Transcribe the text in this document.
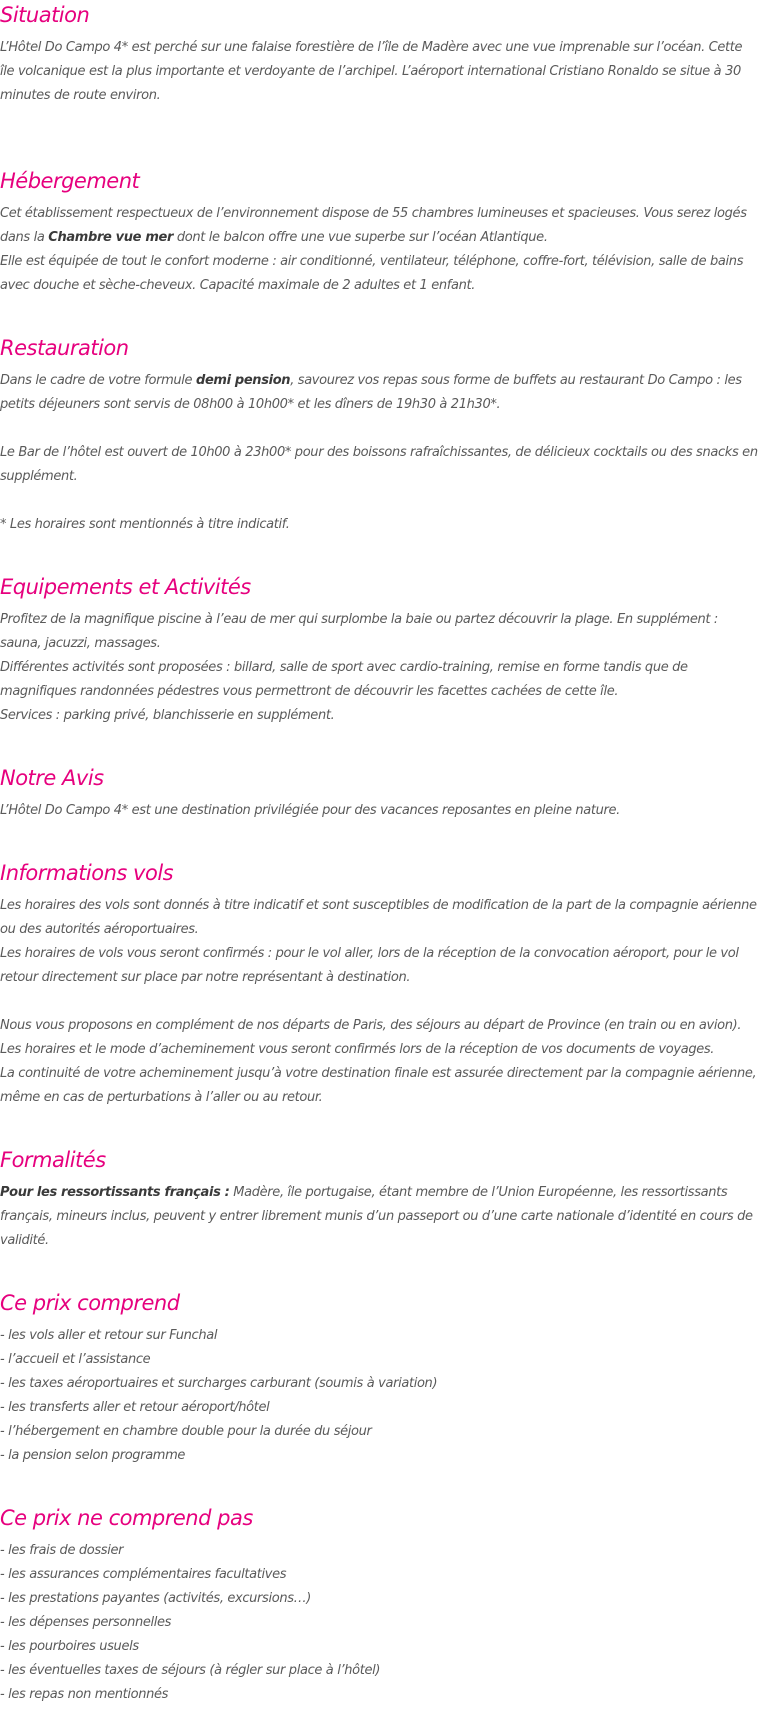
Situation

L’Hôtel Do Campo 4* est perché sur une falaise forestière de l’île de Madère avec une vue imprenable sur l’océan. Cette île volcanique est la plus importante et verdoyante de l’archipel. L’aéroport international Cristiano Ronaldo se situe à 30 minutes de route environ.

Hébergement

Cet établissement respectueux de l’environnement dispose de 55 chambres lumineuses et spacieuses. Vous serez logés dans la Chambre vue mer dont le balcon offre une vue superbe sur l’océan Atlantique.

Elle est équipée de tout le confort moderne : air conditionné, ventilateur, téléphone, coffre-fort, télévision, salle de bains avec douche et sèche-cheveux. Capacité maximale de 2 adultes et 1 enfant.

Restauration

Dans le cadre de votre formule demi pension, savourez vos repas sous forme de buffets au restaurant Do Campo : les petits déjeuners sont servis de 08h00 à 10h00* et les dîners de 19h30 à 21h30*.

Le Bar de l’hôtel est ouvert de 10h00 à 23h00* pour des boissons rafraîchissantes, de délicieux cocktails ou des snacks en supplément.

* Les horaires sont mentionnés à titre indicatif.

Equipements et Activités

Profitez de la magnifique piscine à l’eau de mer qui surplombe la baie ou partez découvrir la plage. En supplément : sauna, jacuzzi, massages.

Différentes activités sont proposées : billard, salle de sport avec cardio-training, remise en forme tandis que de magnifiques randonnées pédestres vous permettront de découvrir les facettes cachées de cette île.

Services : parking privé, blanchisserie en supplément.

Notre Avis

L’Hôtel Do Campo 4* est une destination privilégiée pour des vacances reposantes en pleine nature.

Informations vols

Les horaires des vols sont donnés à titre indicatif et sont susceptibles de modification de la part de la compagnie aérienne ou des autorités aéroportuaires.

Les horaires de vols vous seront confirmés : pour le vol aller, lors de la réception de la convocation aéroport, pour le vol retour directement sur place par notre représentant à destination.

Nous vous proposons en complément de nos départs de Paris, des séjours au départ de Province (en train ou en avion).

Les horaires et le mode d’acheminement vous seront confirmés lors de la réception de vos documents de voyages.

La continuité de votre acheminement jusqu’à votre destination finale est assurée directement par la compagnie aérienne, même en cas de perturbations à l’aller ou au retour.

Formalités

Pour les ressortissants français : Madère, île portugaise, étant membre de l’Union Européenne, les ressortissants français, mineurs inclus, peuvent y entrer librement munis d’un passeport ou d’une carte nationale d’identité en cours de validité.

Ce prix comprend

- les vols aller et retour sur Funchal

- l’accueil et l’assistance

- les taxes aéroportuaires et surcharges carburant (soumis à variation)

- les transferts aller et retour aéroport/hôtel

- l’hébergement en chambre double pour la durée du séjour

- la pension selon programme

Ce prix ne comprend pas

- les frais de dossier

- les assurances complémentaires facultatives

- les prestations payantes (activités, excursions…)

- les dépenses personnelles

- les pourboires usuels

- les éventuelles taxes de séjours (à régler sur place à l’hôtel)

- les repas non mentionnés
